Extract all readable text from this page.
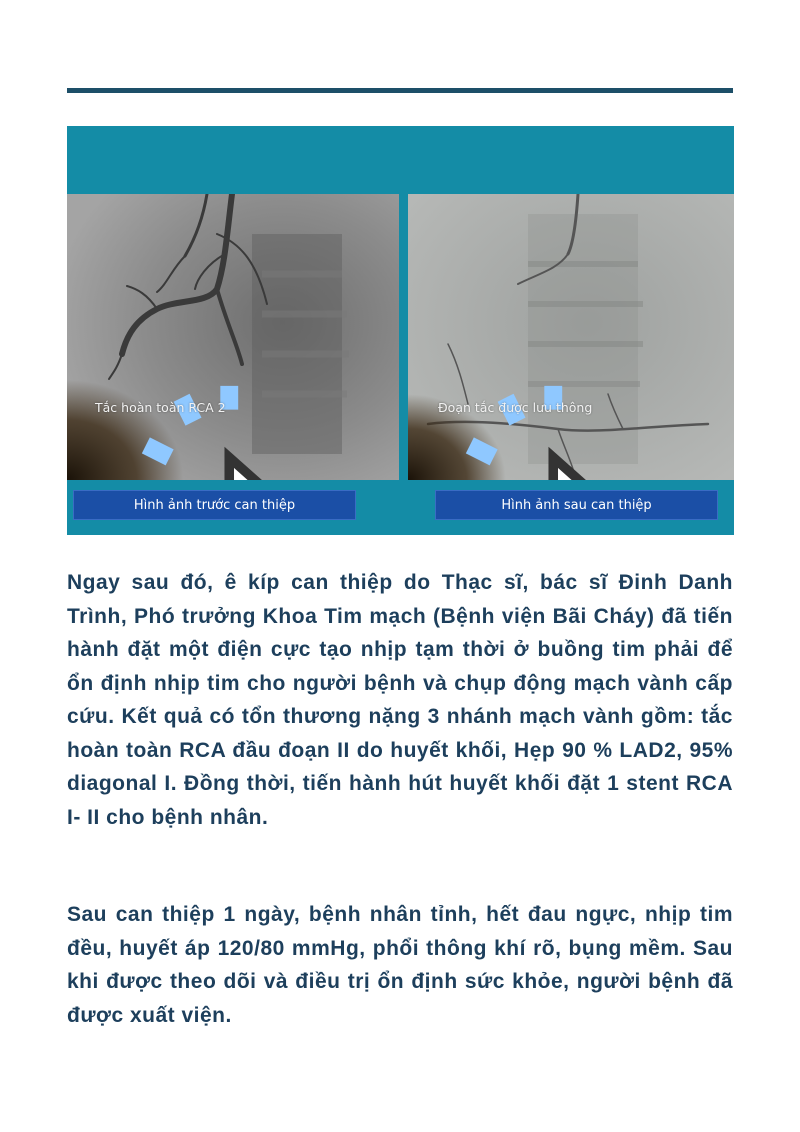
Tắc hoàn toàn RCA 2	Đoạn tắc được lưu thông
Hình ảnh trước can thiệp	Hình ảnh sau can thiệp

Ngay sau đó, ê kíp can thiệp do Thạc sĩ, bác sĩ Đinh Danh Trình, Phó trưởng Khoa Tim mạch (Bệnh viện Bãi Cháy) đã tiến hành đặt một điện cực tạo nhịp tạm thời ở buồng tim phải để ổn định nhịp tim cho người bệnh và chụp động mạch vành cấp cứu. Kết quả có tổn thương nặng 3 nhánh mạch vành gồm: tắc hoàn toàn RCA đầu đoạn II do huyết khối, Hẹp 90 % LAD2, 95% diagonal I. Đồng thời, tiến hành hút huyết khối đặt 1 stent RCA I- II cho bệnh nhân.

Sau can thiệp 1 ngày, bệnh nhân tỉnh, hết đau ngực, nhịp tim đều, huyết áp 120/80 mmHg, phổi thông khí rõ, bụng mềm. Sau khi được theo dõi và điều trị ổn định sức khỏe, người bệnh đã được xuất viện.
